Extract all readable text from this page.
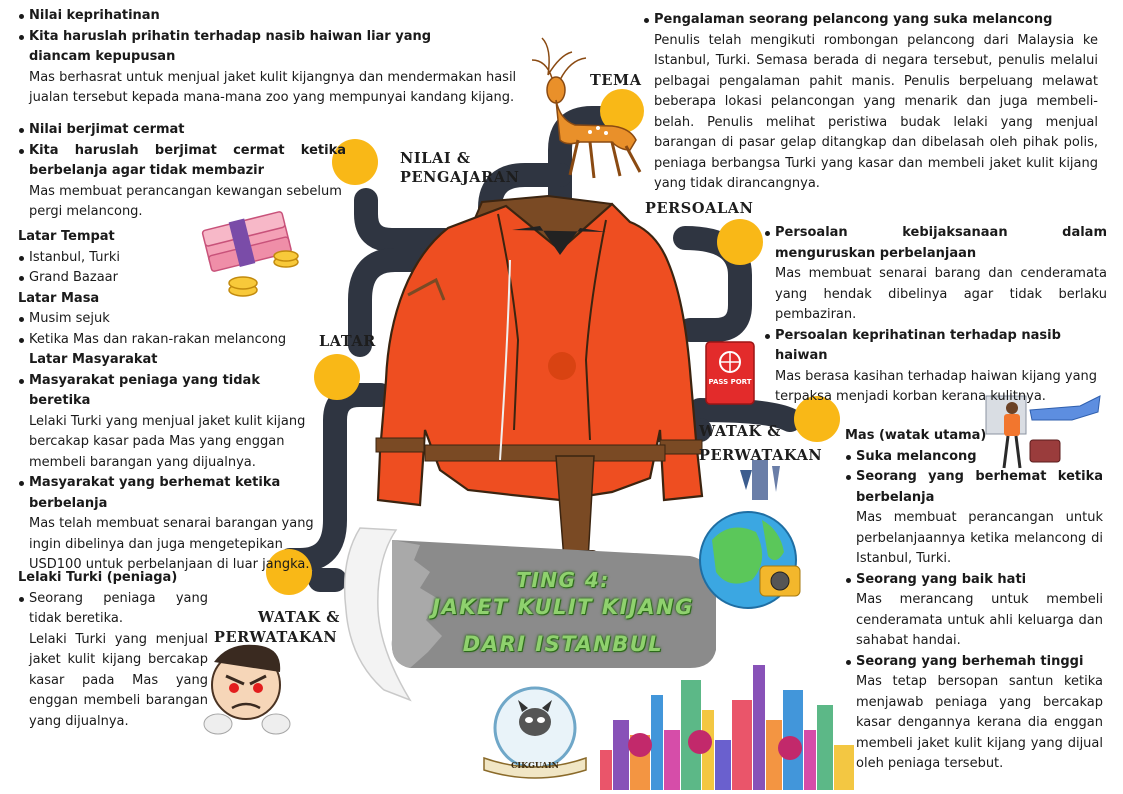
Nilai keprihatinan

Kita haruslah prihatin terhadap nasib haiwan liar yang diancam kepupusan

Mas berhasrat untuk menjual jaket kulit kijangnya dan mendermakan hasil jualan tersebut kepada mana-mana zoo yang mempunyai kandang kijang.

Nilai berjimat cermat

Kita haruslah berjimat cermat ketika berbelanja agar tidak membazir

Mas membuat perancangan kewangan sebelum pergi melancong.

Latar Tempat

Istanbul, Turki

Grand Bazaar

Latar Masa

Musim sejuk

Ketika Mas dan rakan-rakan melancong

Latar Masyarakat

Masyarakat peniaga yang tidak beretika

Lelaki Turki yang menjual jaket kulit kijang bercakap kasar pada Mas yang enggan membeli barangan yang dijualnya.

Masyarakat yang berhemat ketika berbelanja

Mas telah membuat senarai barangan yang ingin dibelinya dan juga mengetepikan USD100 untuk perbelanjaan di luar jangka.

Lelaki Turki (peniaga)

Seorang peniaga yang tidak beretika.

Lelaki Turki yang menjual jaket kulit kijang bercakap kasar pada Mas yang enggan membeli barangan yang dijualnya.

Pengalaman seorang pelancong yang suka melancong

Penulis telah mengikuti rombongan pelancong dari Malaysia ke Istanbul, Turki. Semasa berada di negara tersebut, penulis melalui pelbagai pengalaman pahit manis. Penulis berpeluang melawat beberapa lokasi pelancongan yang menarik dan juga membeli-belah. Penulis melihat peristiwa budak lelaki yang menjual barangan di pasar gelap ditangkap dan dibelasah oleh pihak polis, peniaga berbangsa Turki yang kasar dan membeli jaket kulit kijang yang tidak dirancangnya.

Persoalan kebijaksanaan dalam menguruskan perbelanjaan

Mas membuat senarai barang dan cenderamata yang hendak dibelinya agar tidak berlaku pembaziran.

Persoalan keprihatinan terhadap nasib haiwan

Mas berasa kasihan terhadap haiwan kijang yang terpaksa menjadi korban kerana kulitnya.

Mas (watak utama)

Suka melancong

Seorang yang berhemat ketika berbelanja

Mas membuat perancangan untuk perbelanjaannya ketika melancong di Istanbul, Turki.

Seorang yang baik hati

Mas merancang untuk membeli cenderamata untuk ahli keluarga dan sahabat handai.

Seorang yang berhemah tinggi

Mas tetap bersopan santun ketika menjawab peniaga yang bercakap kasar dengannya kerana dia enggan membeli jaket kulit kijang yang dijual oleh peniaga tersebut.

TEMA
NILAI &
PENGAJARAN
PERSOALAN
LATAR
WATAK &
PERWATAKAN
WATAK &
PERWATAKAN
TING 4:
JAKET KULIT KIJANG
DARI ISTANBUL
PASS PORT
CIKGUAIN
